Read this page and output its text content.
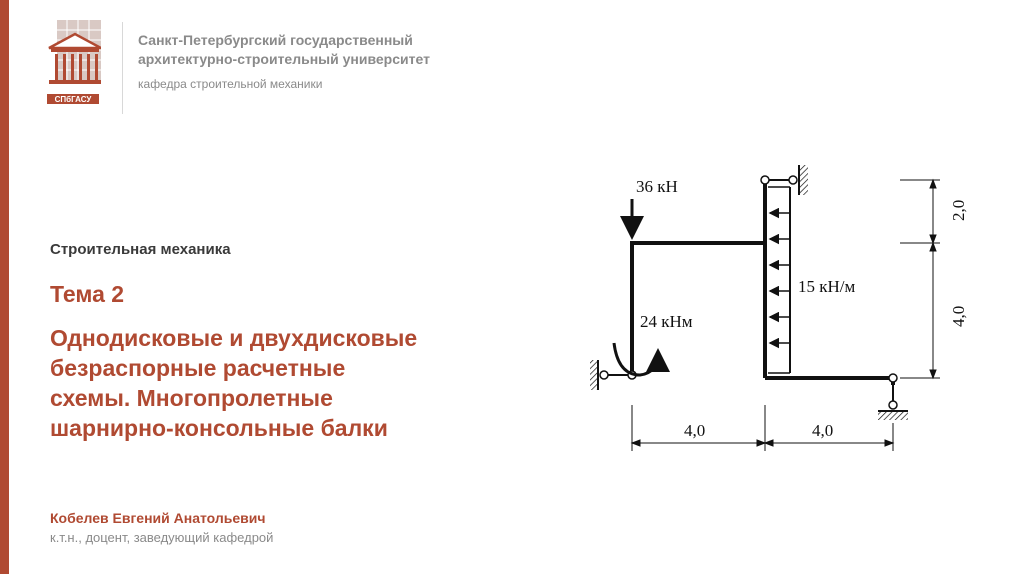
СПбГАСУ
Санкт-Петербургский государственный
архитектурно-строительный университет
кафедра строительной механики
Строительная механика
Тема 2
Однодисковые и двухдисковые
безраспорные расчетные
схемы. Многопролетные
шарнирно-консольные балки
Кобелев Евгений Анатольевич
к.т.н., доцент, заведующий кафедрой
36 кН
24 кНм
15 кН/м
4,0	4,0
2,0
4,0
